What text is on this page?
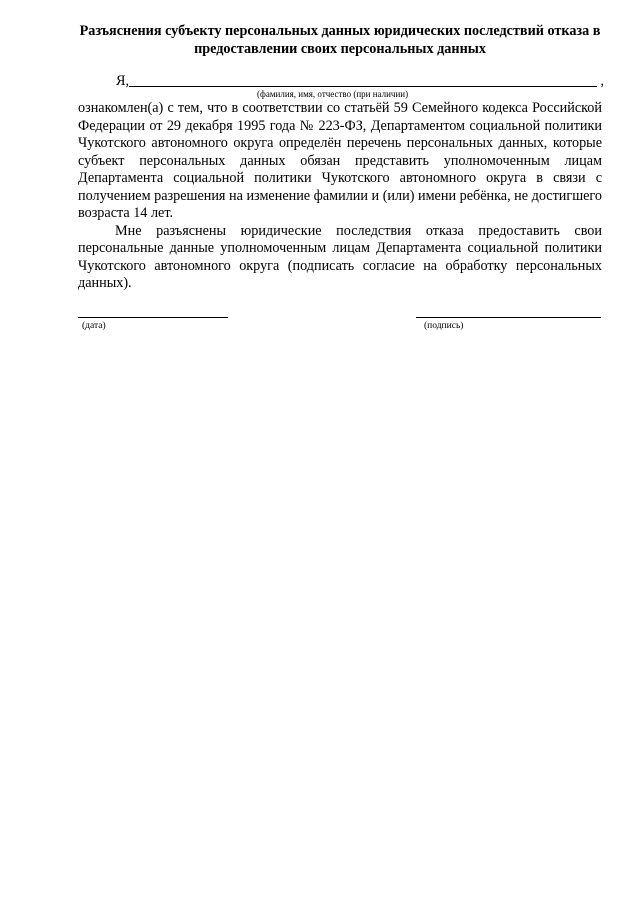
Разъяснения субъекту персональных данных юридических последствий отказа в предоставлении своих персональных данных
Я,	,
(фамилия, имя, отчество (при наличии)

ознакомлен(а) с тем, что в соответствии со статьёй 59 Семейного кодекса Российской Федерации от 29 декабря 1995 года № 223-ФЗ, Департаментом социальной политики Чукотского автономного округа определён перечень персональных данных, которые субъект персональных данных обязан представить уполномоченным лицам Департамента социальной политики Чукотского автономного округа в связи с получением разрешения на изменение фамилии и (или) имени ребёнка, не достигшего возраста 14 лет.

Мне разъяснены юридические последствия отказа предоставить свои персональные данные уполномоченным лицам Департамента социальной политики Чукотского автономного округа (подписать согласие на обработку персональных данных).

(дата)	(подпись)
